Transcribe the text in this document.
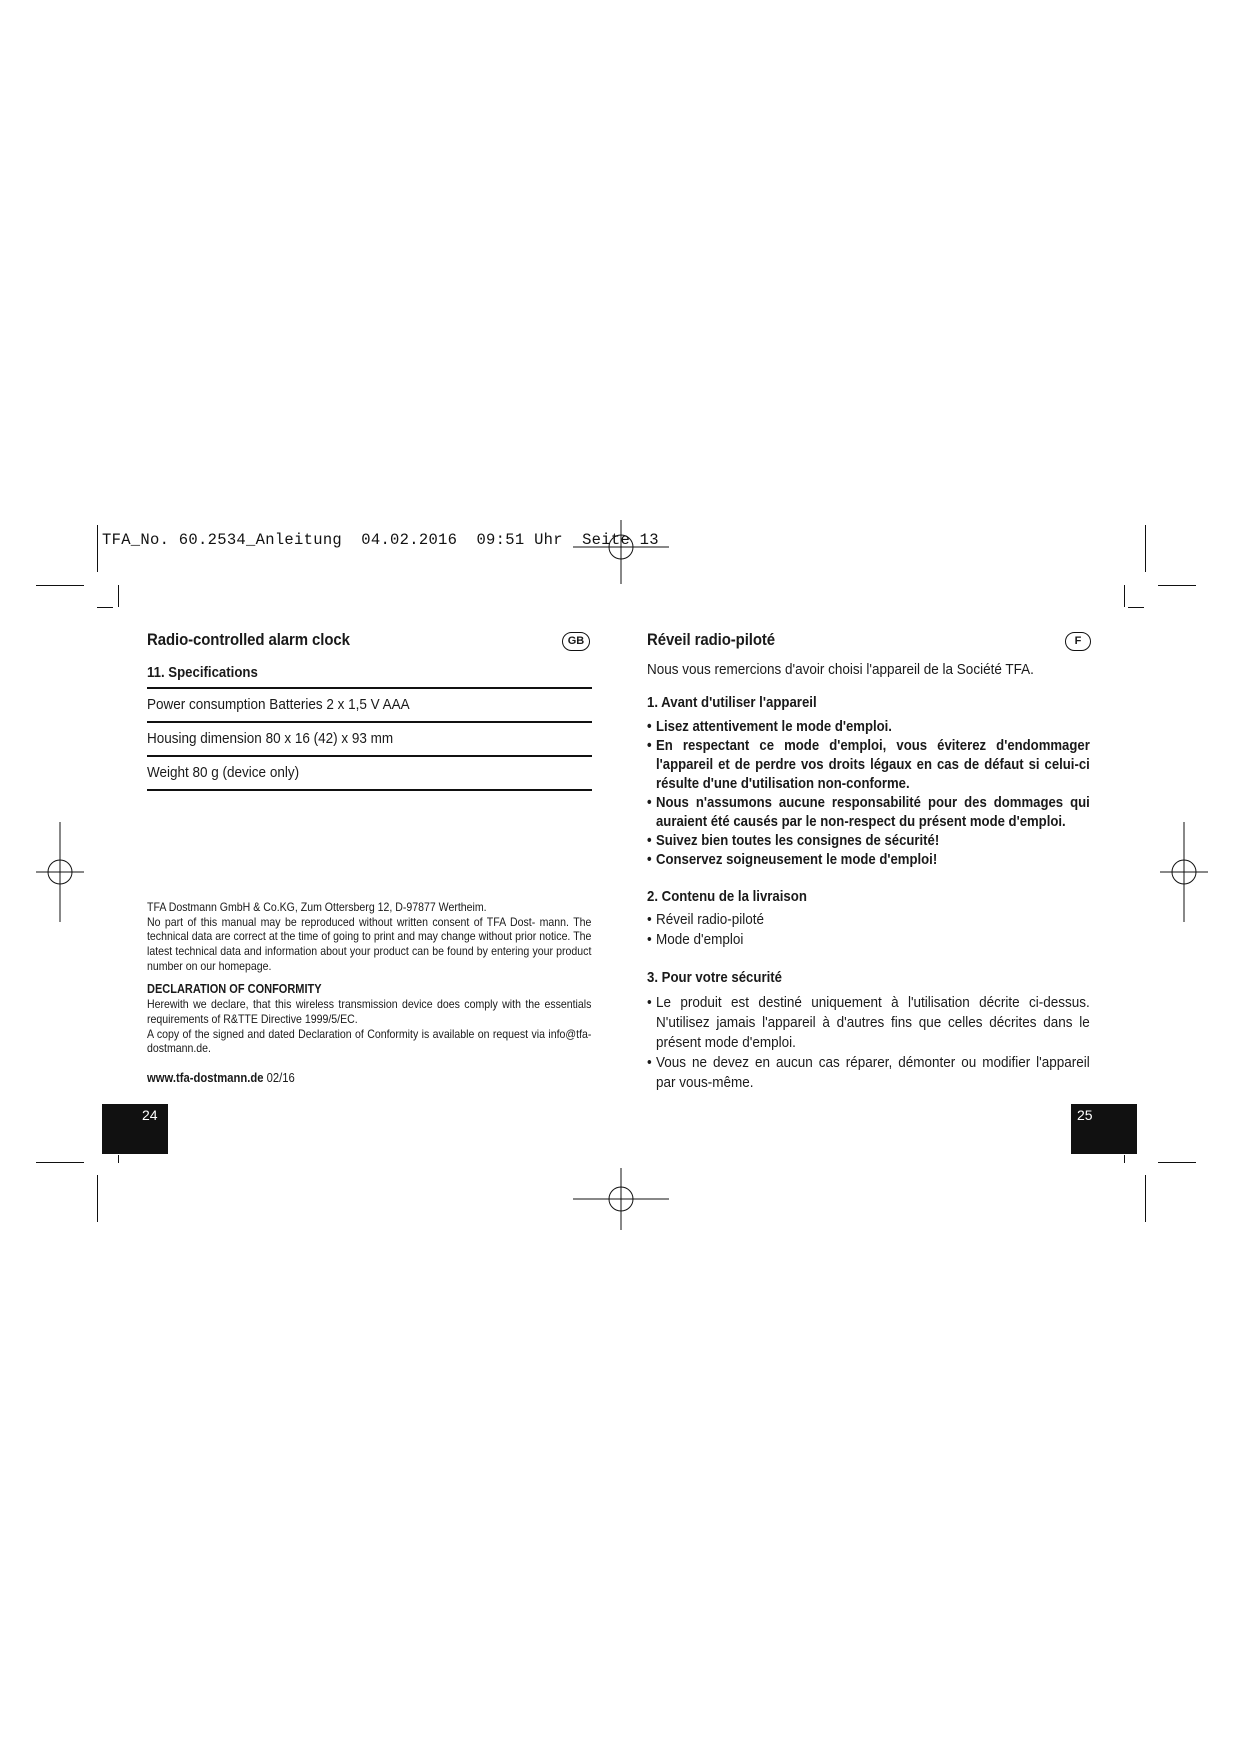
TFA_No. 60.2534_Anleitung  04.02.2016  09:51 Uhr  Seite 13
Radio-controlled alarm clock	GB
11. Specifications
Power consumption Batteries 2 x 1,5 V AAA
Housing dimension 80 x 16 (42) x 93 mm
Weight 80 g (device only)

TFA Dostmann GmbH & Co.KG, Zum Ottersberg 12, D-97877 Wertheim.

No part of this manual may be reproduced without written consent of TFA Dost- mann. The technical data are correct at the time of going to print and may change without prior notice. The latest technical data and information about your product can be found by entering your product number on our homepage.

DECLARATION OF CONFORMITY

Herewith we declare, that this wireless transmission device does comply with the essentials requirements of R&TTE Directive 1999/5/EC.

A copy of the signed and dated Declaration of Conformity is available on request via info@tfa-dostmann.de.

www.tfa-dostmann.de 02/16
24
Réveil radio-piloté	F
Nous vous remercions d'avoir choisi l'appareil de la Société TFA.
1. Avant d'utiliser l'appareil
• Lisez attentivement le mode d'emploi.
• En respectant ce mode d'emploi, vous éviterez d'endommager l'appareil et de perdre vos droits légaux en cas de défaut si celui-ci résulte d'une d'utilisation non-conforme.
• Nous n'assumons aucune responsabilité pour des dommages qui auraient été causés par le non-respect du présent mode d'emploi.
• Suivez bien toutes les consignes de sécurité!
• Conservez soigneusement le mode d'emploi!
2. Contenu de la livraison
• Réveil radio-piloté
• Mode d'emploi
3. Pour votre sécurité
• Le produit est destiné uniquement à l'utilisation décrite ci-dessus. N'utilisez jamais l'appareil à d'autres fins que celles décrites dans le présent mode d'emploi.
• Vous ne devez en aucun cas réparer, démonter ou modifier l'appareil par vous-même.
25
